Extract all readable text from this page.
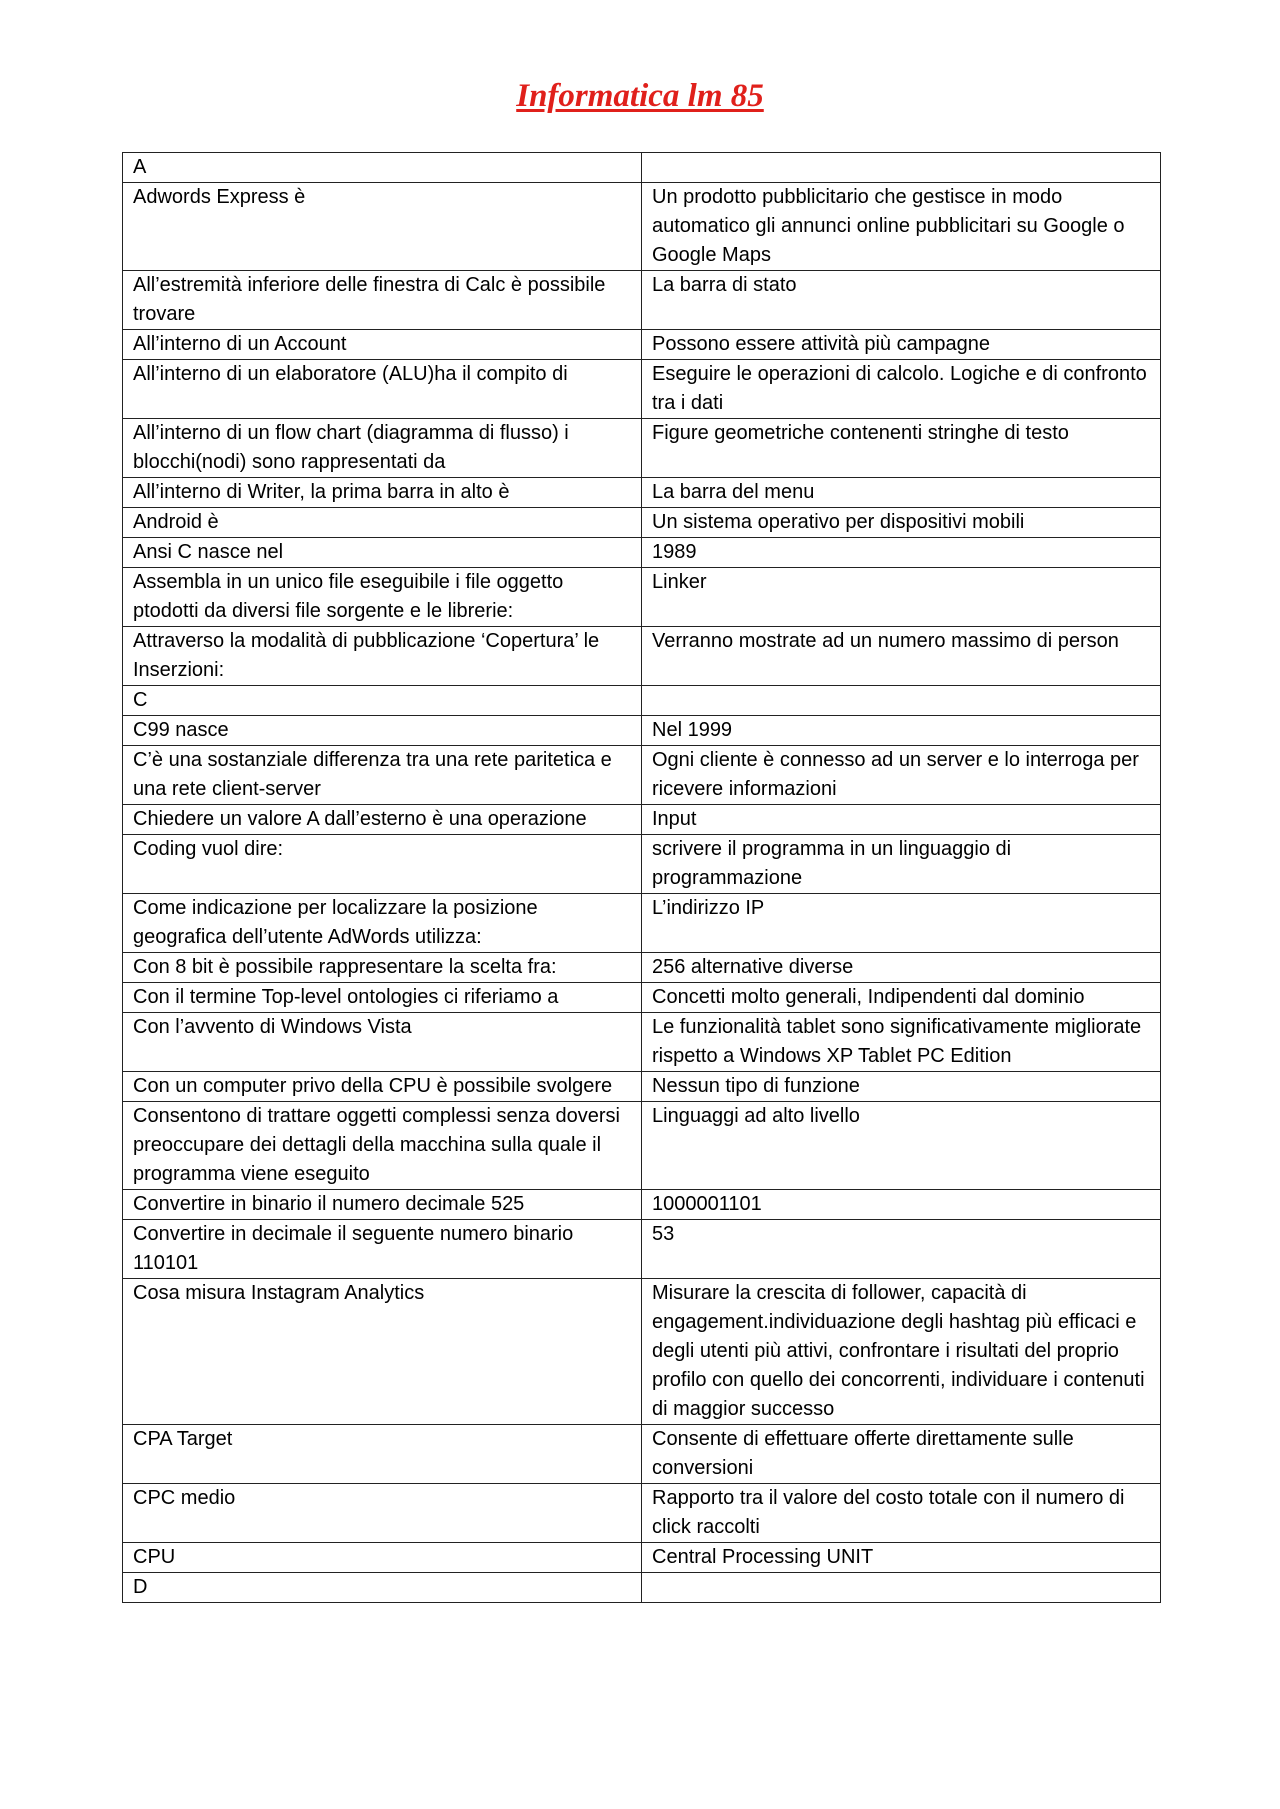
Informatica lm 85
A	
Adwords Express è	Un prodotto pubblicitario che gestisce in modo automatico gli annunci online pubblicitari su Google o Google Maps
All’estremità inferiore delle finestra di Calc è possibile trovare	La barra di stato
All’interno di un Account	Possono essere attività più campagne
All’interno di un elaboratore (ALU)ha il compito di	Eseguire le operazioni di calcolo. Logiche e di confronto tra i dati
All’interno di un flow chart (diagramma di flusso) i blocchi(nodi) sono rappresentati da	Figure geometriche contenenti stringhe di testo
All’interno di Writer, la prima barra in alto è	La barra del menu
Android è	Un sistema operativo per dispositivi mobili
Ansi C nasce nel	1989
Assembla in un unico file eseguibile i file oggetto ptodotti da diversi file sorgente e le librerie:	Linker
Attraverso la modalità di pubblicazione ‘Copertura’ le Inserzioni:	Verranno mostrate ad un numero massimo di person
C	
C99 nasce	Nel 1999
C’è una sostanziale differenza tra una rete paritetica e una rete client-server	Ogni cliente è connesso ad un server e lo interroga per ricevere informazioni
Chiedere un valore A dall’esterno è una operazione	Input
Coding vuol dire:	scrivere il programma in un linguaggio di programmazione
Come indicazione per localizzare la posizione geografica dell’utente AdWords utilizza:	L’indirizzo IP
Con 8 bit è possibile rappresentare la scelta fra:	256 alternative diverse
Con il termine Top-level ontologies ci riferiamo a	Concetti molto generali, Indipendenti dal dominio
Con l’avvento di Windows Vista	Le funzionalità tablet sono significativamente migliorate rispetto a Windows XP Tablet PC Edition
Con un computer privo della CPU è possibile svolgere	Nessun tipo di funzione
Consentono di trattare oggetti complessi senza doversi preoccupare dei dettagli della macchina sulla quale il programma viene eseguito	Linguaggi ad alto livello
Convertire in binario il numero decimale 525	1000001101
Convertire in decimale il seguente numero binario 110101	53
Cosa misura Instagram Analytics	Misurare la crescita di follower, capacità di engagement.individuazione degli hashtag più efficaci e degli utenti più attivi, confrontare i risultati del proprio profilo con quello dei concorrenti, individuare i contenuti di maggior successo
CPA Target	Consente di effettuare offerte direttamente sulle conversioni
CPC medio	Rapporto tra il valore del costo totale con il numero di click raccolti
CPU	Central Processing UNIT
D	
